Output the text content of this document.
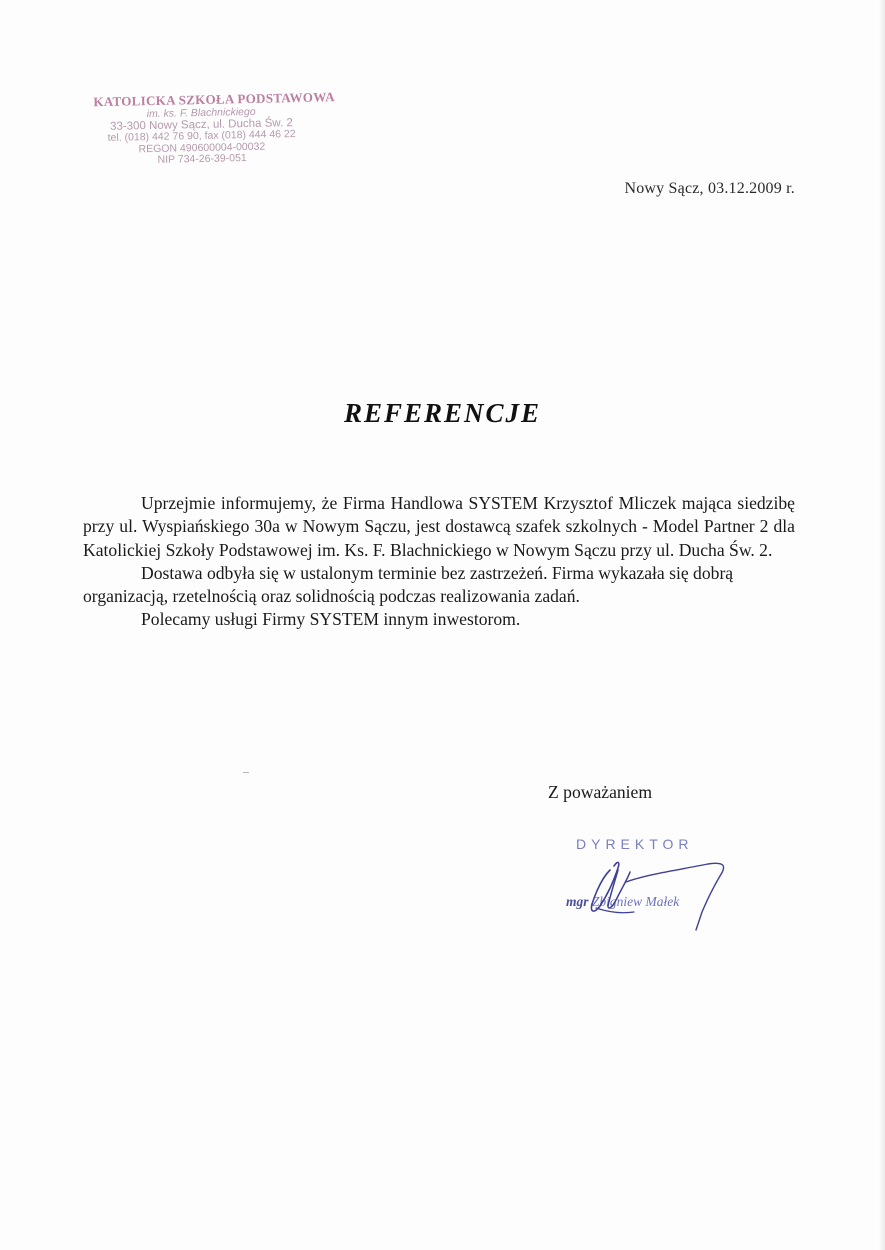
KATOLICKA SZKOŁA PODSTAWOWA
im. ks. F. Blachnickiego
33-300 Nowy Sącz, ul. Ducha Św. 2
tel. (018) 442 76 90, fax (018) 444 46 22
REGON 490600004-00032
NIP 734-26-39-051
Nowy Sącz, 03.12.2009 r.
REFERENCJE

Uprzejmie informujemy, że Firma Handlowa SYSTEM Krzysztof Mliczek mająca siedzibę przy ul. Wyspiańskiego 30a w Nowym Sączu, jest dostawcą szafek szkolnych - Model Partner 2 dla Katolickiej Szkoły Podstawowej im. Ks. F. Blachnickiego w Nowym Sączu przy ul. Ducha Św. 2.

Dostawa odbyła się w ustalonym terminie bez zastrzeżeń. Firma wykazała się dobrą organizacją, rzetelnością oraz solidnością podczas realizowania zadań.

Polecamy usługi Firmy SYSTEM innym inwestorom.

Z poważaniem
DYREKTOR
mgr Zbigniew Małek
